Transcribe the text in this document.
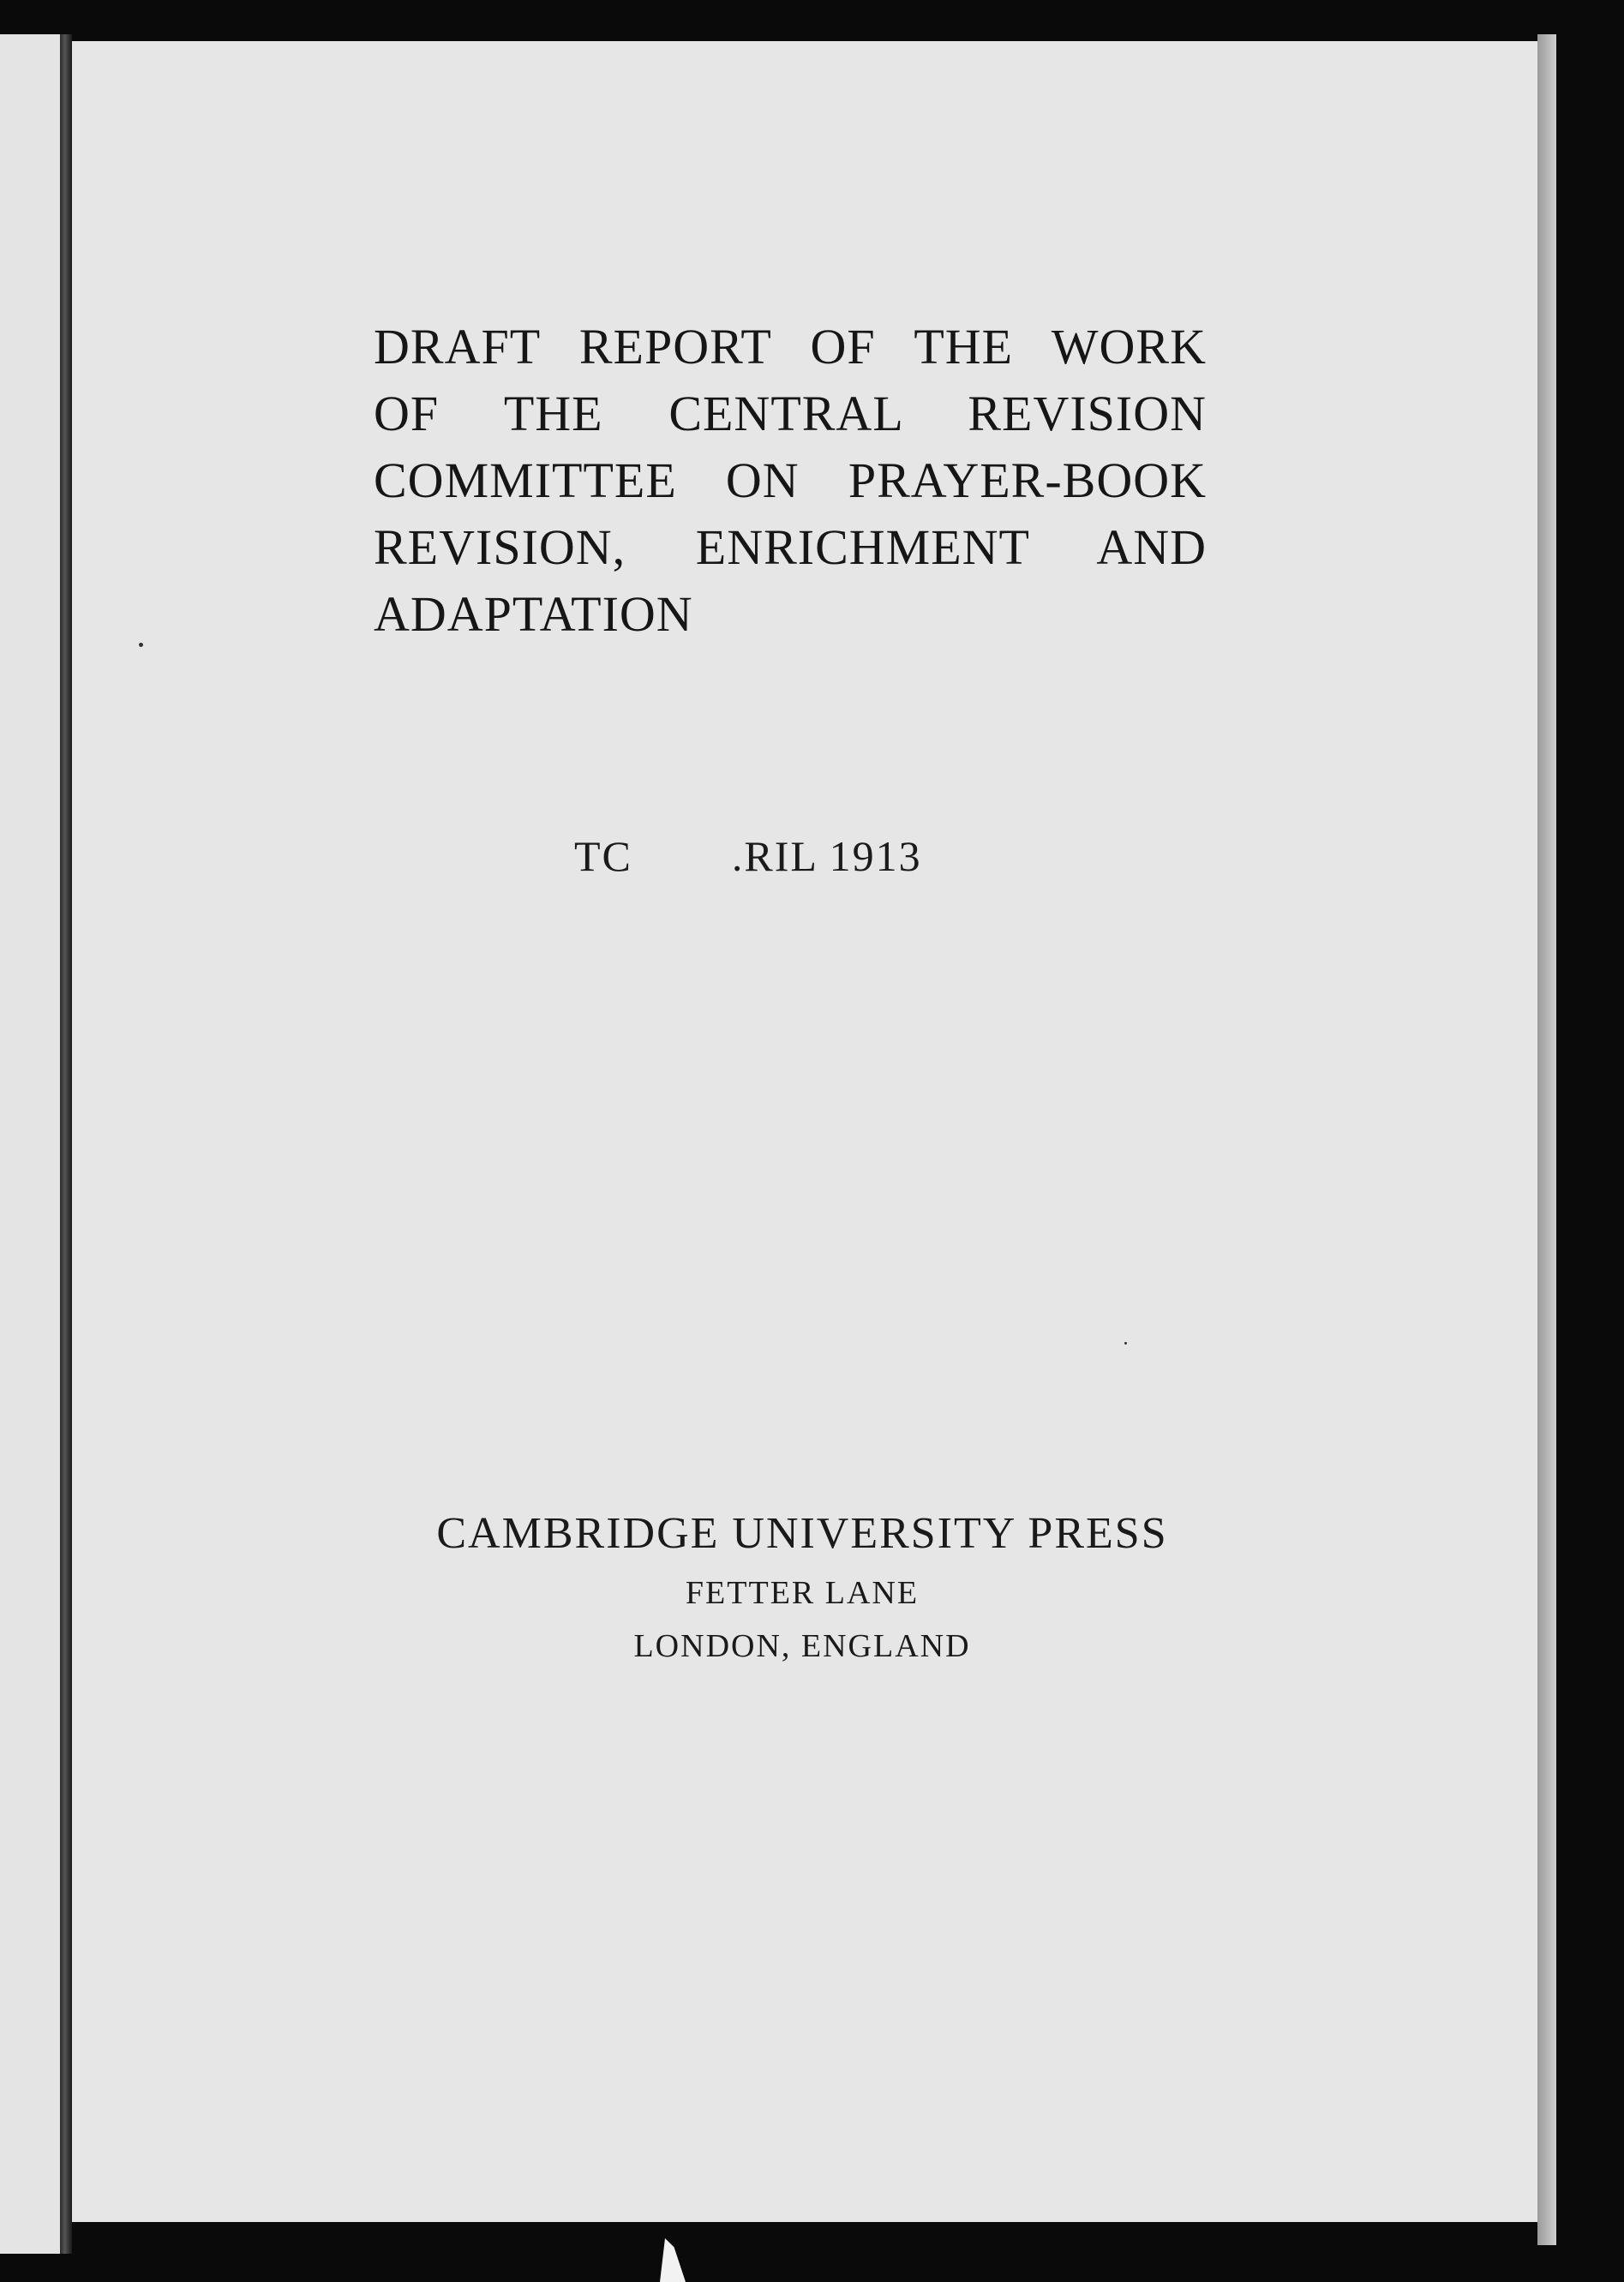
DRAFT REPORT OF THE WORK
OF THE CENTRAL REVISION
COMMITTEE ON PRAYER-BOOK
REVISION, ENRICHMENT AND
ADAPTATION
TC .RIL 1913
CAMBRIDGE UNIVERSITY PRESS
FETTER LANE
LONDON, ENGLAND
